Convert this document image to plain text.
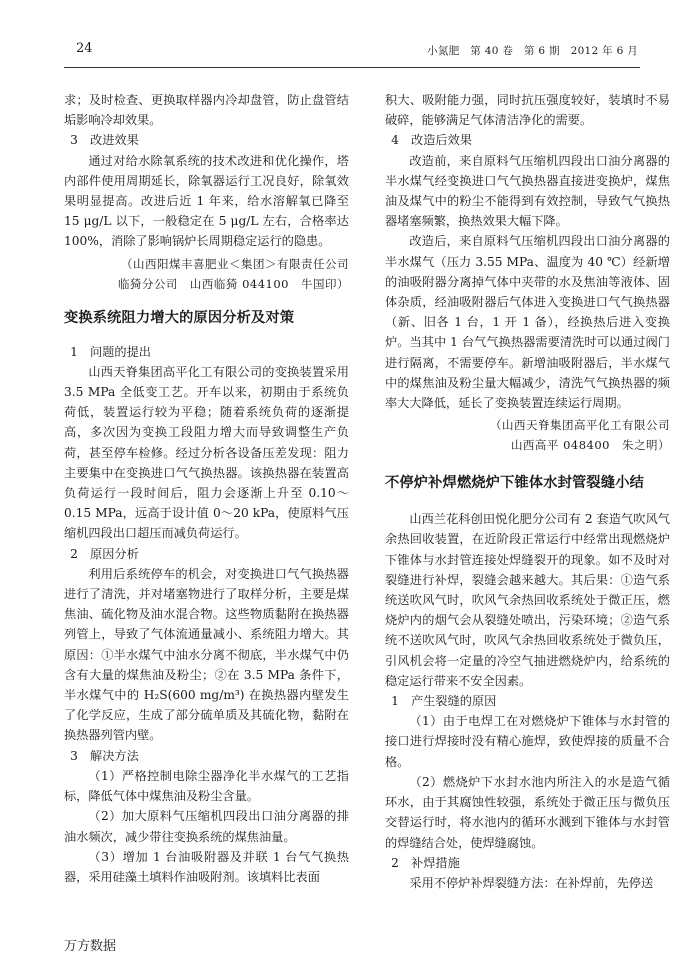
24	小氮肥　第 40 卷　第 6 期　2012 年 6 月

求；及时检查、更换取样器内冷却盘管，防止盘管结垢影响冷却效果。

3　改进效果

通过对给水除氧系统的技术改进和优化操作，塔内部件使用周期延长，除氧器运行工况良好，除氧效果明显提高。改进后近 1 年来，给水溶解氧已降至 15 μg/L 以下，一般稳定在 5 μg/L 左右，合格率达 100%，消除了影响锅炉长周期稳定运行的隐患。

（山西阳煤丰喜肥业＜集团＞有限责任公司
临猗分公司　山西临猗 044100　牛国印）
变换系统阻力增大的原因分析及对策

1　问题的提出

山西天脊集团高平化工有限公司的变换装置采用 3.5 MPa 全低变工艺。开车以来，初期由于系统负荷低，装置运行较为平稳；随着系统负荷的逐渐提高，多次因为变换工段阻力增大而导致调整生产负荷，甚至停车检修。经过分析各设备压差发现：阻力主要集中在变换进口气气换热器。该换热器在装置高负荷运行一段时间后，阻力会逐渐上升至 0.10～0.15 MPa，远高于设计值 0～20 kPa，使原料气压缩机四段出口超压而减负荷运行。

2　原因分析

利用后系统停车的机会，对变换进口气气换热器进行了清洗，并对堵塞物进行了取样分析，主要是煤焦油、硫化物及油水混合物。这些物质黏附在换热器列管上，导致了气体流通量减小、系统阻力增大。其原因：①半水煤气中油水分离不彻底，半水煤气中仍含有大量的煤焦油及粉尘；②在 3.5 MPa 条件下，半水煤气中的 H₂S(600 mg/m³) 在换热器内壁发生了化学反应，生成了部分硫单质及其硫化物，黏附在换热器列管内壁。

3　解决方法

（1）严格控制电除尘器净化半水煤气的工艺指标，降低气体中煤焦油及粉尘含量。

（2）加大原料气压缩机四段出口油分离器的排油水频次，减少带往变换系统的煤焦油量。

（3）增加 1 台油吸附器及并联 1 台气气换热器，采用硅藻土填料作油吸附剂。该填料比表面

积大、吸附能力强，同时抗压强度较好，装填时不易破碎，能够满足气体清洁净化的需要。

4　改造后效果

改造前，来自原料气压缩机四段出口油分离器的半水煤气经变换进口气气换热器直接进变换炉，煤焦油及煤气中的粉尘不能得到有效控制，导致气气换热器堵塞频繁，换热效果大幅下降。

改造后，来自原料气压缩机四段出口油分离器的半水煤气（压力 3.55 MPa、温度为 40 ℃）经新增的油吸附器分离掉气体中夹带的水及焦油等液体、固体杂质，经油吸附器后气体进入变换进口气气换热器（新、旧各 1 台，1 开 1 备），经换热后进入变换炉。当其中 1 台气气换热器需要清洗时可以通过阀门进行隔离，不需要停车。新增油吸附器后，半水煤气中的煤焦油及粉尘量大幅减少，清洗气气换热器的频率大大降低，延长了变换装置连续运行周期。

（山西天脊集团高平化工有限公司
山西高平 048400　朱之明）
不停炉补焊燃烧炉下锥体水封管裂缝小结

山西兰花科创田悦化肥分公司有 2 套造气吹风气余热回收装置，在近阶段正常运行中经常出现燃烧炉下锥体与水封管连接处焊缝裂开的现象。如不及时对裂缝进行补焊，裂缝会越来越大。其后果：①造气系统送吹风气时，吹风气余热回收系统处于微正压，燃烧炉内的烟气会从裂缝处喷出，污染环境；②造气系统不送吹风气时，吹风气余热回收系统处于微负压，引风机会将一定量的冷空气抽进燃烧炉内，给系统的稳定运行带来不安全因素。

1　产生裂缝的原因

（1）由于电焊工在对燃烧炉下锥体与水封管的接口进行焊接时没有精心施焊，致使焊接的质量不合格。

（2）燃烧炉下水封水池内所注入的水是造气循环水，由于其腐蚀性较强，系统处于微正压与微负压交替运行时，将水池内的循环水溅到下锥体与水封管的焊缝结合处，使焊缝腐蚀。

2　补焊措施

采用不停炉补焊裂缝方法：在补焊前，先停送

万方数据
